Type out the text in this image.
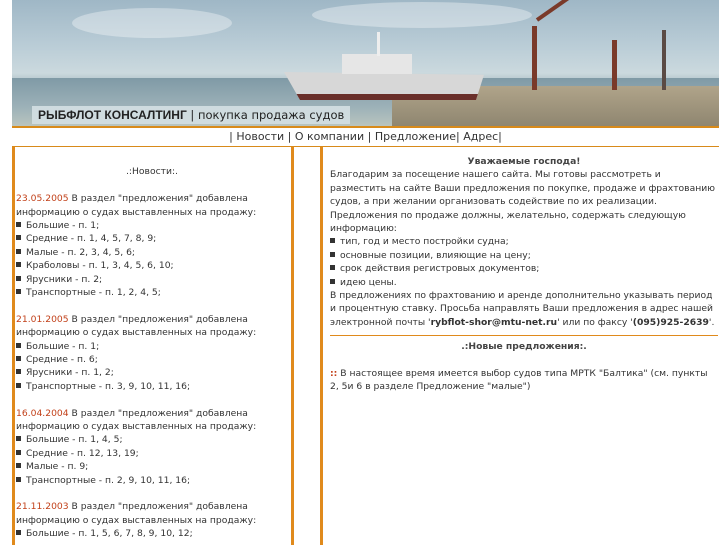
РЫБФЛОТ КОНСАЛТИНГ | покупка продажа судов
| Новости | О компании | Предложение| Адрес|
.:Новости:.
23.05.2005 В раздел "предложения" добавлена информацию о судах выставленных на продажу:
Большие - п. 1;
Средние - п. 1, 4, 5, 7, 8, 9;
Малые - п. 2, 3, 4, 5, 6;
Краболовы - п. 1, 3, 4, 5, 6, 10;
Ярусники - п. 2;
Транспортные - п. 1, 2, 4, 5;
21.01.2005 В раздел "предложения" добавлена информацию о судах выставленных на продажу:
Большие - п. 1;
Средние - п. 6;
Ярусники - п. 1, 2;
Транспортные - п. 3, 9, 10, 11, 16;
16.04.2004 В раздел "предложения" добавлена информацию о судах выставленных на продажу:
Большие - п. 1, 4, 5;
Средние - п. 12, 13, 19;
Малые - п. 9;
Транспортные - п. 2, 9, 10, 11, 16;
21.11.2003 В раздел "предложения" добавлена информацию о судах выставленных на продажу:
Большие - п. 1, 5, 6, 7, 8, 9, 10, 12;
Уважаемые господа!
Благодарим за посещение нашего сайта. Мы готовы рассмотреть и разместить на сайте Ваши предложения по покупке, продаже и фрахтованию судов, а при желании организовать содействие по их реализации. Предложения по продаже должны, желательно, содержать следующую информацию:
тип, год и место постройки судна;
основные позиции, влияющие на цену;
срок действия регистровых документов;
идею цены.
В предложениях по фрахтованию и аренде дополнительно указывать период и процентную ставку. Просьба направлять Ваши предложения в адрес нашей электронной почты 'rybflot-shor@mtu-net.ru' или по факсу '(095)925-2639'.
.:Новые предложения:.
:: В настоящее время имеется выбор судов типа МРТК "Балтика" (см. пункты 2, 5и 6 в разделе Предложение "малые")
